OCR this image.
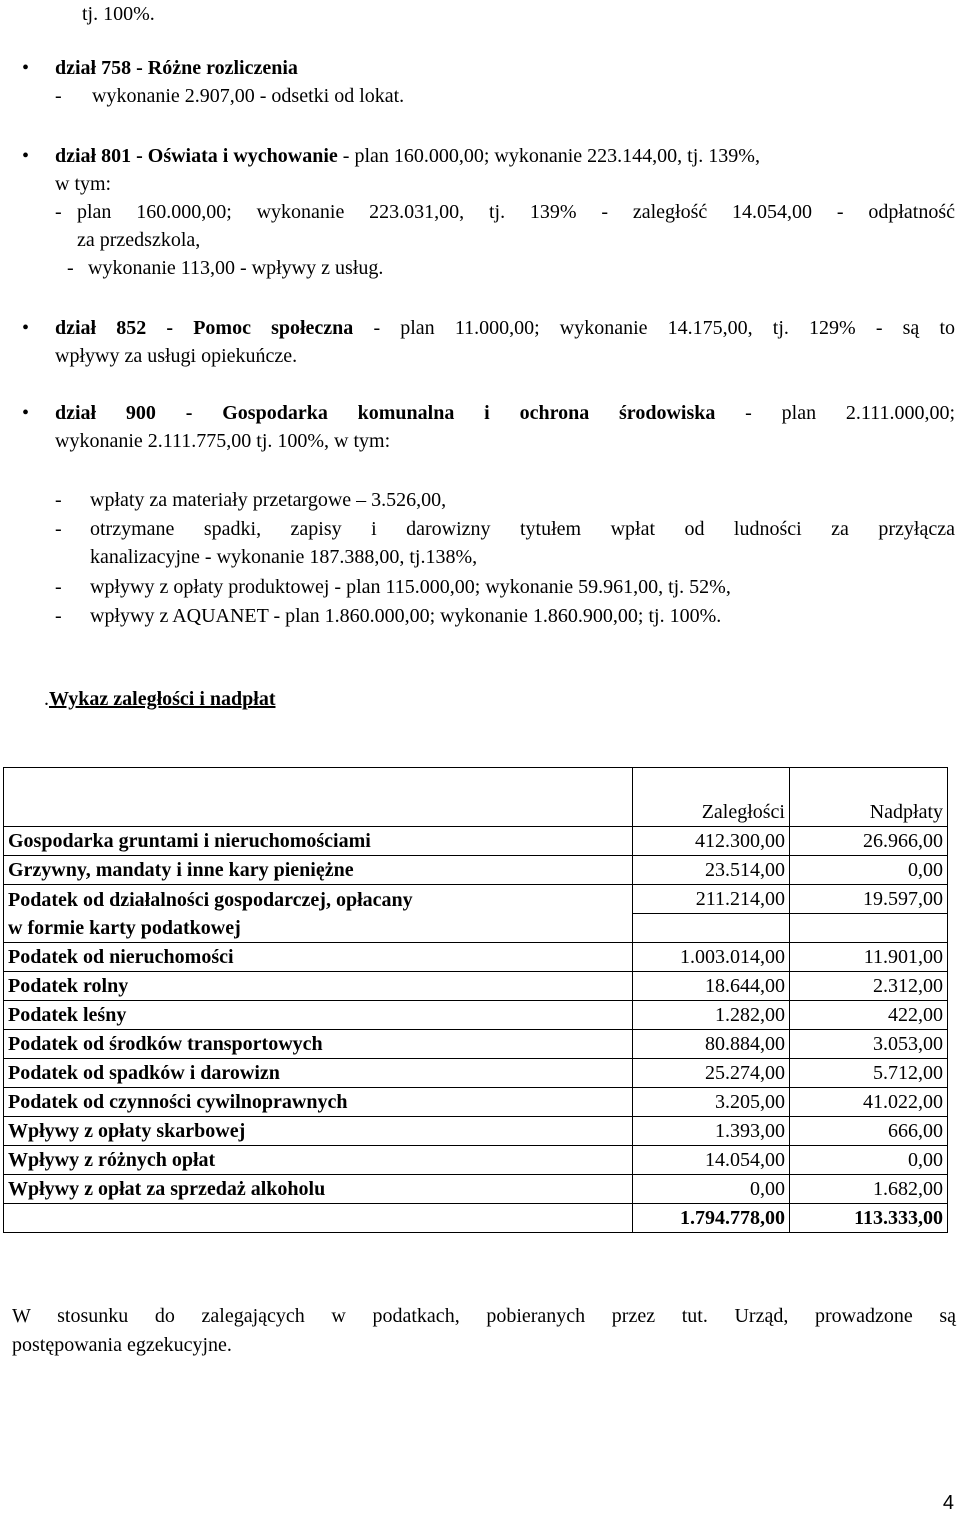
tj. 100%.
• dział 758 - Różne rozliczenia
- wykonanie 2.907,00 - odsetki od lokat.
• dział 801 - Oświata i wychowanie - plan 160.000,00; wykonanie 223.144,00, tj. 139%,
w tym:
- plan 160.000,00; wykonanie 223.031,00, tj. 139% - zaległość 14.054,00 - odpłatność
za przedszkola,
- wykonanie 113,00 - wpływy z usług.
• dział 852 - Pomoc społeczna - plan 11.000,00; wykonanie 14.175,00, tj. 129% - są to
wpływy za usługi opiekuńcze.
• dział 900 - Gospodarka komunalna i ochrona środowiska - plan 2.111.000,00;
wykonanie 2.111.775,00 tj. 100%, w tym:
- wpłaty za materiały przetargowe – 3.526,00,
- otrzymane spadki, zapisy i darowizny tytułem wpłat od ludności za przyłącza
kanalizacyjne - wykonanie 187.388,00, tj.138%,
- wpływy z opłaty produktowej - plan 115.000,00; wykonanie 59.961,00, tj. 52%,
- wpływy z AQUANET - plan 1.860.000,00; wykonanie 1.860.900,00; tj. 100%.
.Wykaz zaległości i nadpłat
	Zaległości	Nadpłaty
Gospodarka gruntami i nieruchomościami	412.300,00	26.966,00
Grzywny, mandaty i inne kary pieniężne	23.514,00	0,00
Podatek od działalności gospodarczej, opłacany	211.214,00	19.597,00
w formie karty podatkowej		
Podatek od nieruchomości	1.003.014,00	11.901,00
Podatek rolny	18.644,00	2.312,00
Podatek leśny	1.282,00	422,00
Podatek od środków transportowych	80.884,00	3.053,00
Podatek od spadków i darowizn	25.274,00	5.712,00
Podatek od czynności cywilnoprawnych	3.205,00	41.022,00
Wpływy z opłaty skarbowej	1.393,00	666,00
Wpływy z różnych opłat	14.054,00	0,00
Wpływy z opłat za sprzedaż alkoholu	0,00	1.682,00
	1.794.778,00	113.333,00
W stosunku do zalegających w podatkach, pobieranych przez tut. Urząd, prowadzone są
postępowania egzekucyjne.
4
